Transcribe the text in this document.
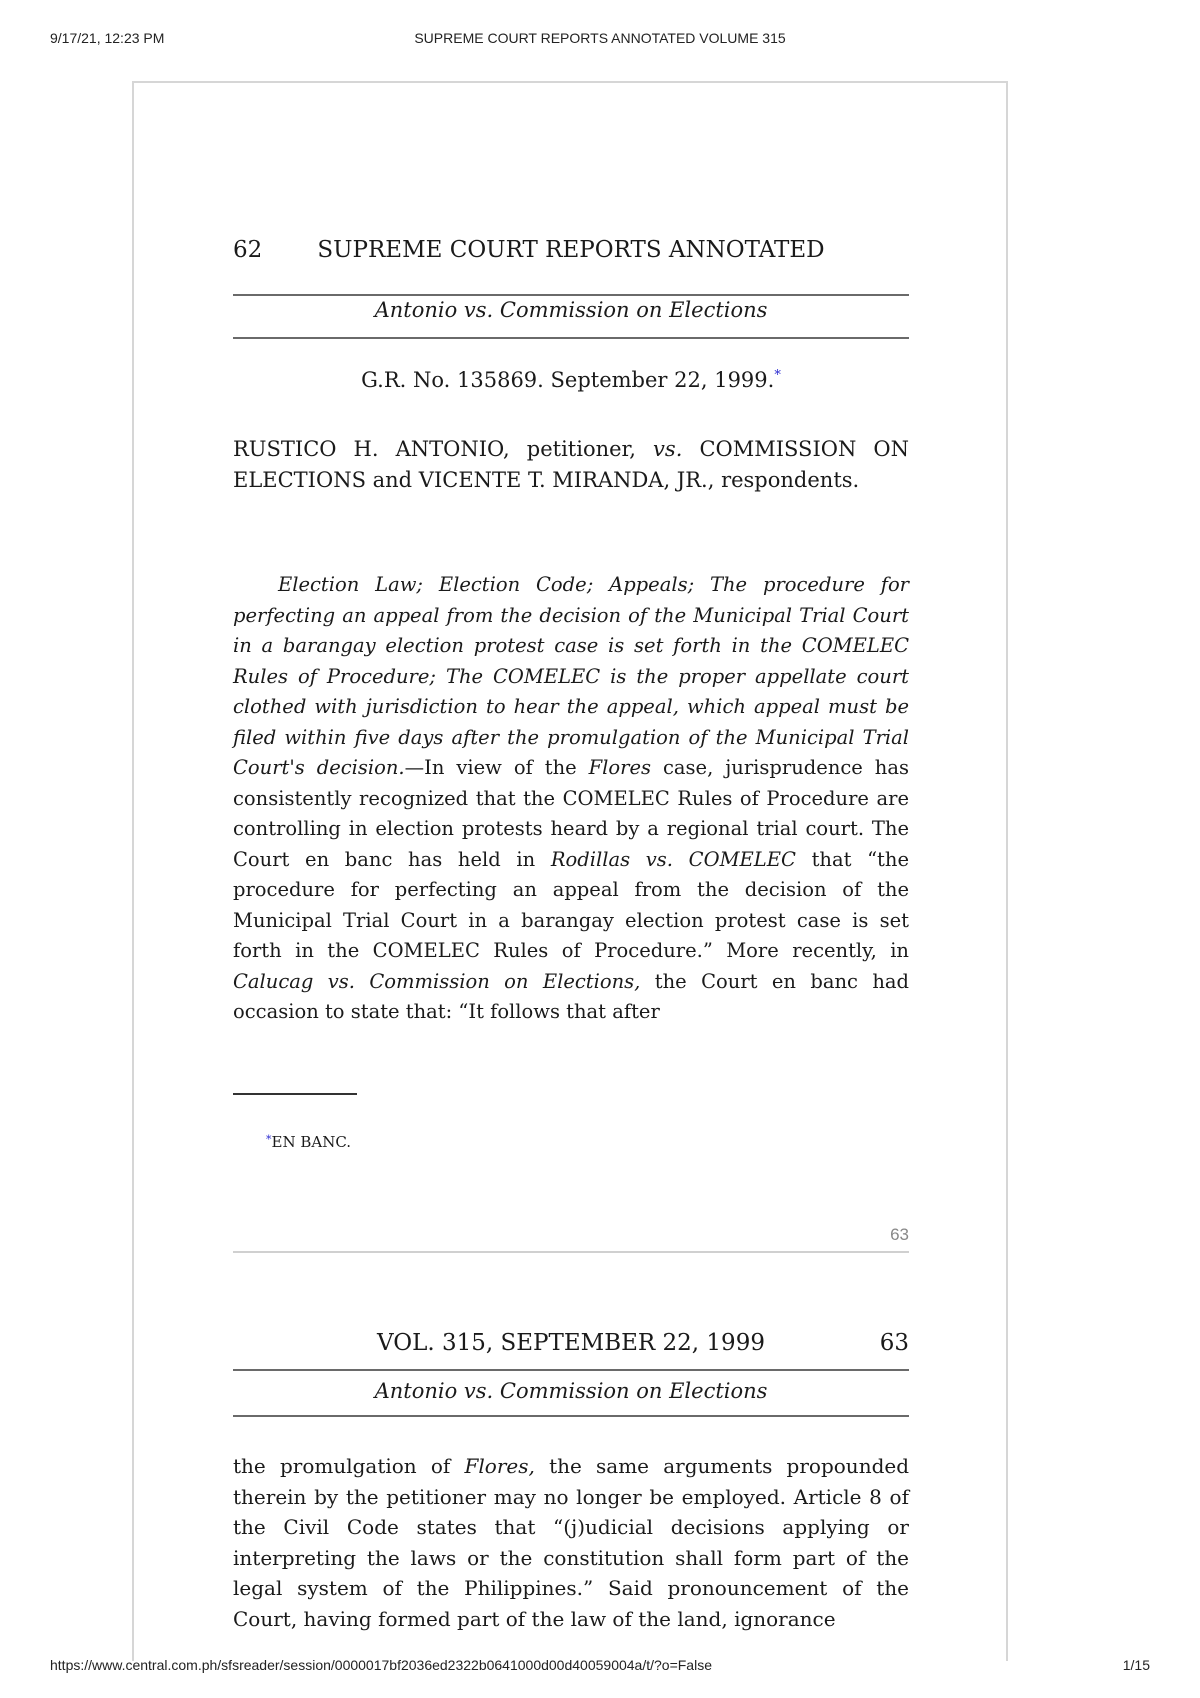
9/17/21, 12:23 PM	SUPREME COURT REPORTS ANNOTATED VOLUME 315
62	SUPREME COURT REPORTS ANNOTATED
Antonio vs. Commission on Elections
G.R. No. 135869. September 22, 1999.*
RUSTICO H. ANTONIO, petitioner, vs. COMMISSION ON ELECTIONS and VICENTE T. MIRANDA, JR., respondents.

Election Law; Election Code; Appeals; The procedure for perfecting an appeal from the decision of the Municipal Trial Court in a barangay election protest case is set forth in the COMELEC Rules of Procedure; The COMELEC is the proper appellate court clothed with jurisdiction to hear the appeal, which appeal must be filed within five days after the promulgation of the Municipal Trial Court's decision.—In view of the Flores case, jurisprudence has consistently recognized that the COMELEC Rules of Procedure are controlling in election protests heard by a regional trial court. The Court en banc has held in Rodillas vs. COMELEC that “the procedure for perfecting an appeal from the decision of the Municipal Trial Court in a barangay election protest case is set forth in the COMELEC Rules of Procedure.” More recently, in Calucag vs. Commission on Elections, the Court en banc had occasion to state that: “It follows that after

*EN BANC.
63
VOL. 315, SEPTEMBER 22, 1999	63
Antonio vs. Commission on Elections
the promulgation of Flores, the same arguments propounded therein by the petitioner may no longer be employed. Article 8 of the Civil Code states that “(j)udicial decisions applying or interpreting the laws or the constitution shall form part of the legal system of the Philippines.” Said pronouncement of the Court, having formed part of the law of the land, ignorance
https://www.central.com.ph/sfsreader/session/0000017bf2036ed2322b0641000d00d40059004a/t/?o=False	1/15
